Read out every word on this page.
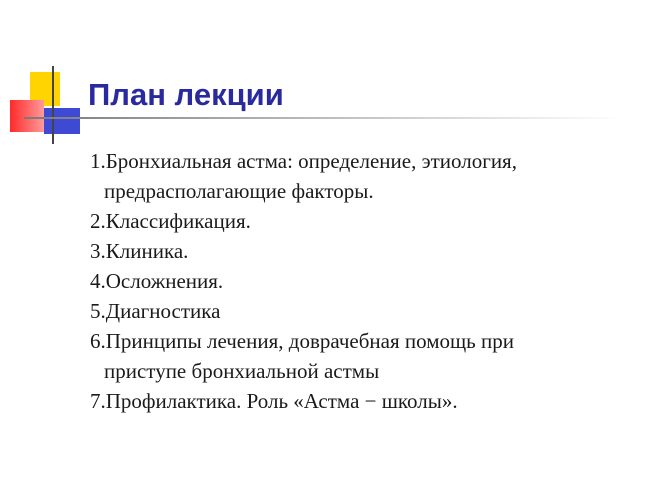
План лекции
1.Бронхиальная астма: определение, этиология,
предрасполагающие факторы.
2.Классификация.
3.Клиника.
4.Осложнения.
5.Диагностика
6.Принципы лечения, доврачебная помощь при
приступе бронхиальной астмы
7.Профилактика. Роль «Астма − школы».
